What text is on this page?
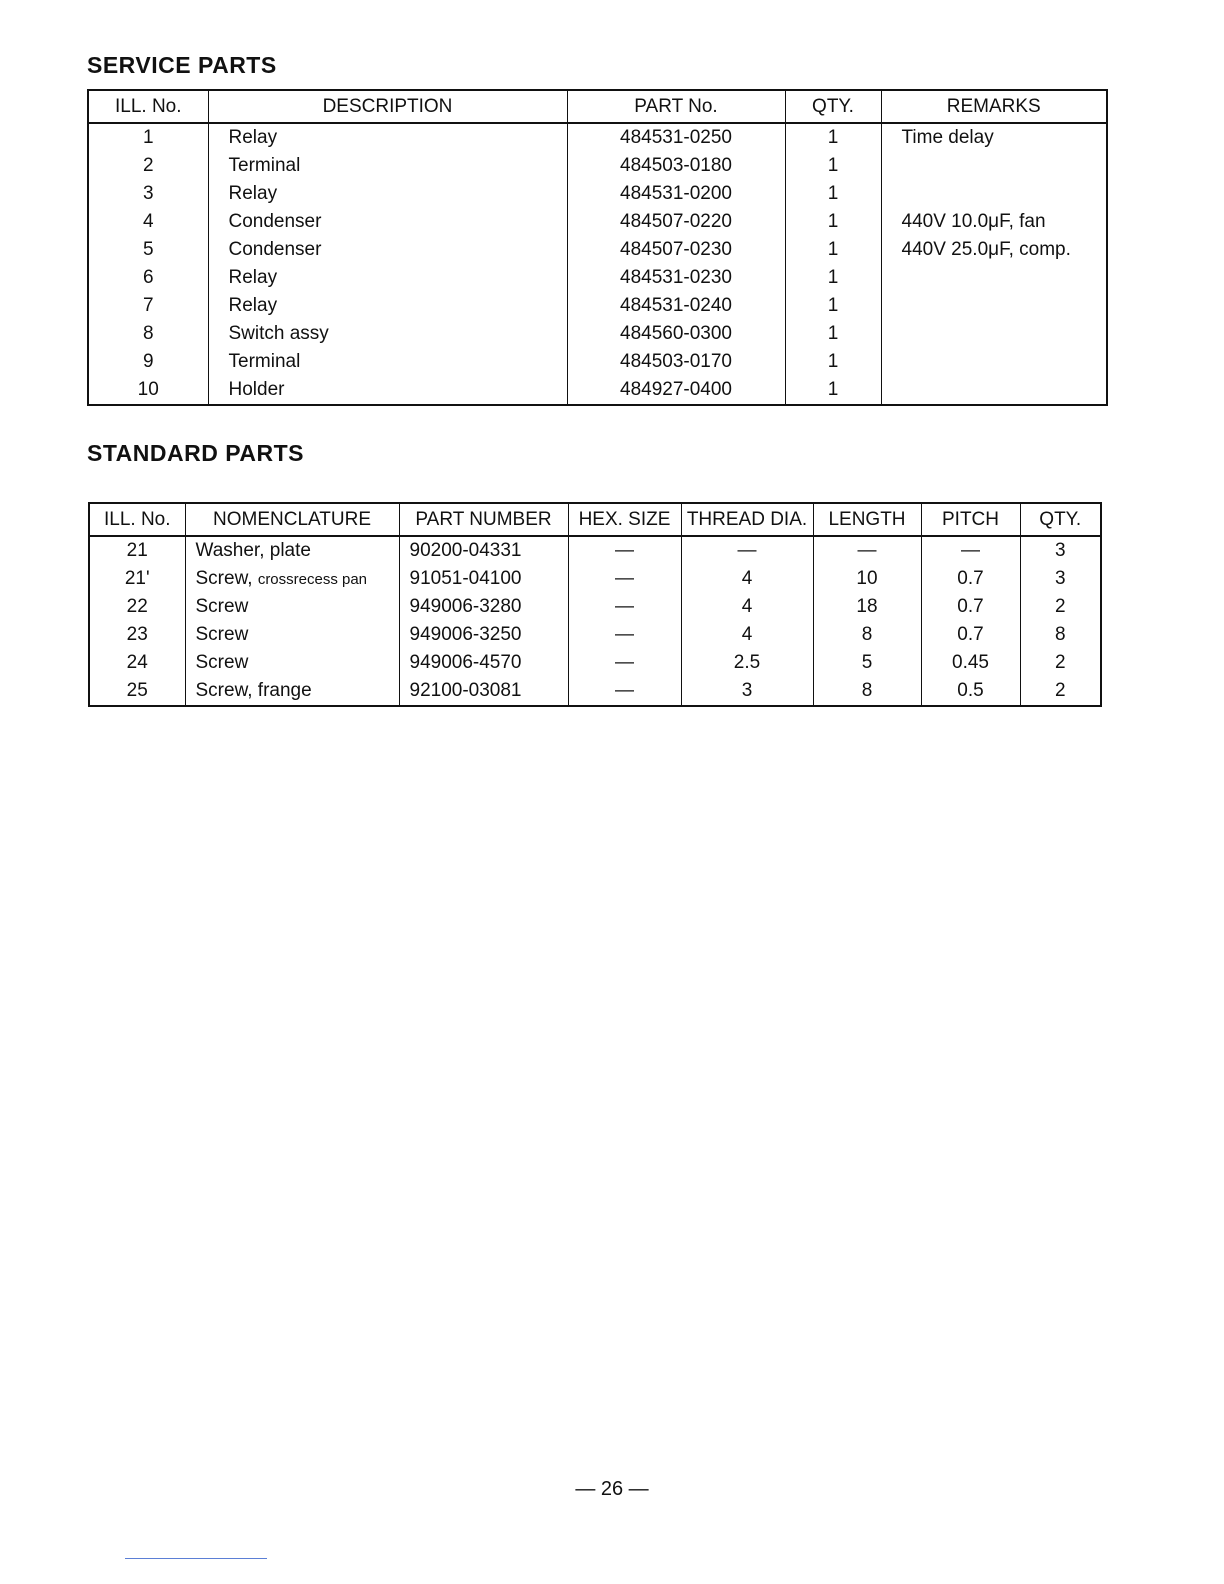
SERVICE PARTS
ILL. No.	DESCRIPTION	PART No.	QTY.	REMARKS
1	Relay	484531-0250	1	Time delay
2	Terminal	484503-0180	1	
3	Relay	484531-0200	1	
4	Condenser	484507-0220	1	440V 10.0μF, fan
5	Condenser	484507-0230	1	440V 25.0μF, comp.
6	Relay	484531-0230	1	
7	Relay	484531-0240	1	
8	Switch assy	484560-0300	1	
9	Terminal	484503-0170	1	
10	Holder	484927-0400	1	
STANDARD PARTS
ILL. No.	NOMENCLATURE	PART NUMBER	HEX. SIZE	THREAD DIA.	LENGTH	PITCH	QTY.
21	Washer, plate	90200-04331	—	—	—	—	3
21'	Screw, crossrecess pan	91051-04100	—	4	10	0.7	3
22	Screw	949006-3280	—	4	18	0.7	2
23	Screw	949006-3250	—	4	8	0.7	8
24	Screw	949006-4570	—	2.5	5	0.45	2
25	Screw, frange	92100-03081	—	3	8	0.5	2
— 26 —
